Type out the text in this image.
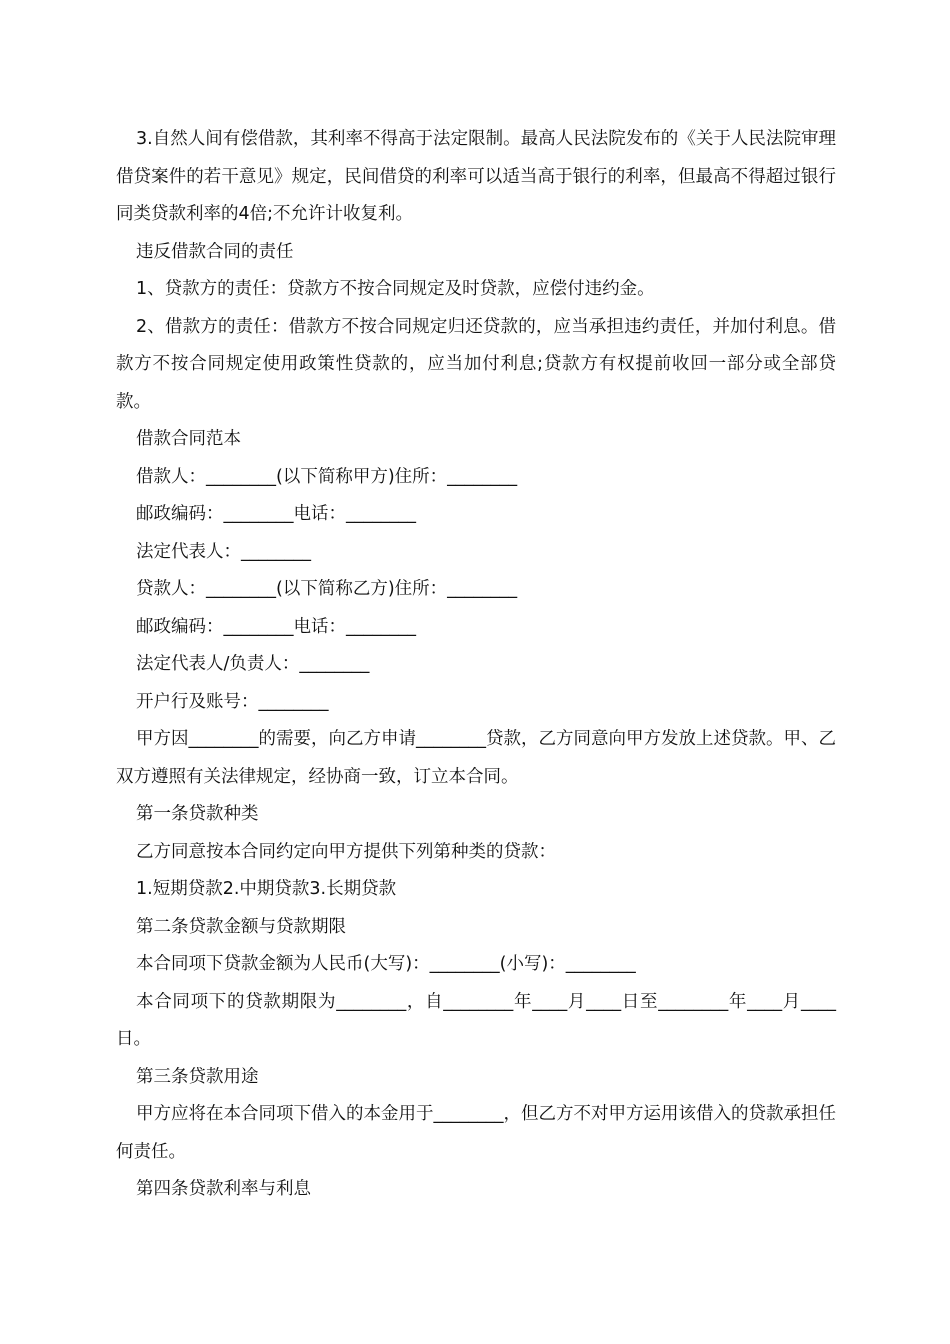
3.自然人间有偿借款，其利率不得高于法定限制。最高人民法院发布的《关于人民法院审理借贷案件的若干意见》规定，民间借贷的利率可以适当高于银行的利率，但最高不得超过银行同类贷款利率的4倍;不允许计收复利。

违反借款合同的责任

1、贷款方的责任：贷款方不按合同规定及时贷款，应偿付违约金。

2、借款方的责任：借款方不按合同规定归还贷款的，应当承担违约责任，并加付利息。借款方不按合同规定使用政策性贷款的，应当加付利息;贷款方有权提前收回一部分或全部贷款。

借款合同范本

借款人：________(以下简称甲方)住所：________

邮政编码：________电话：________

法定代表人：________

贷款人：________(以下简称乙方)住所：________

邮政编码：________电话：________

法定代表人/负责人：________

开户行及账号：________

甲方因________的需要，向乙方申请________贷款，乙方同意向甲方发放上述贷款。甲、乙双方遵照有关法律规定，经协商一致，订立本合同。

第一条贷款种类

乙方同意按本合同约定向甲方提供下列第种类的贷款：

1.短期贷款2.中期贷款3.长期贷款

第二条贷款金额与贷款期限

本合同项下贷款金额为人民币(大写)：________(小写)：________

本合同项下的贷款期限为________，自________年____月____日至________年____月____日。

第三条贷款用途

甲方应将在本合同项下借入的本金用于________，但乙方不对甲方运用该借入的贷款承担任何责任。

第四条贷款利率与利息
